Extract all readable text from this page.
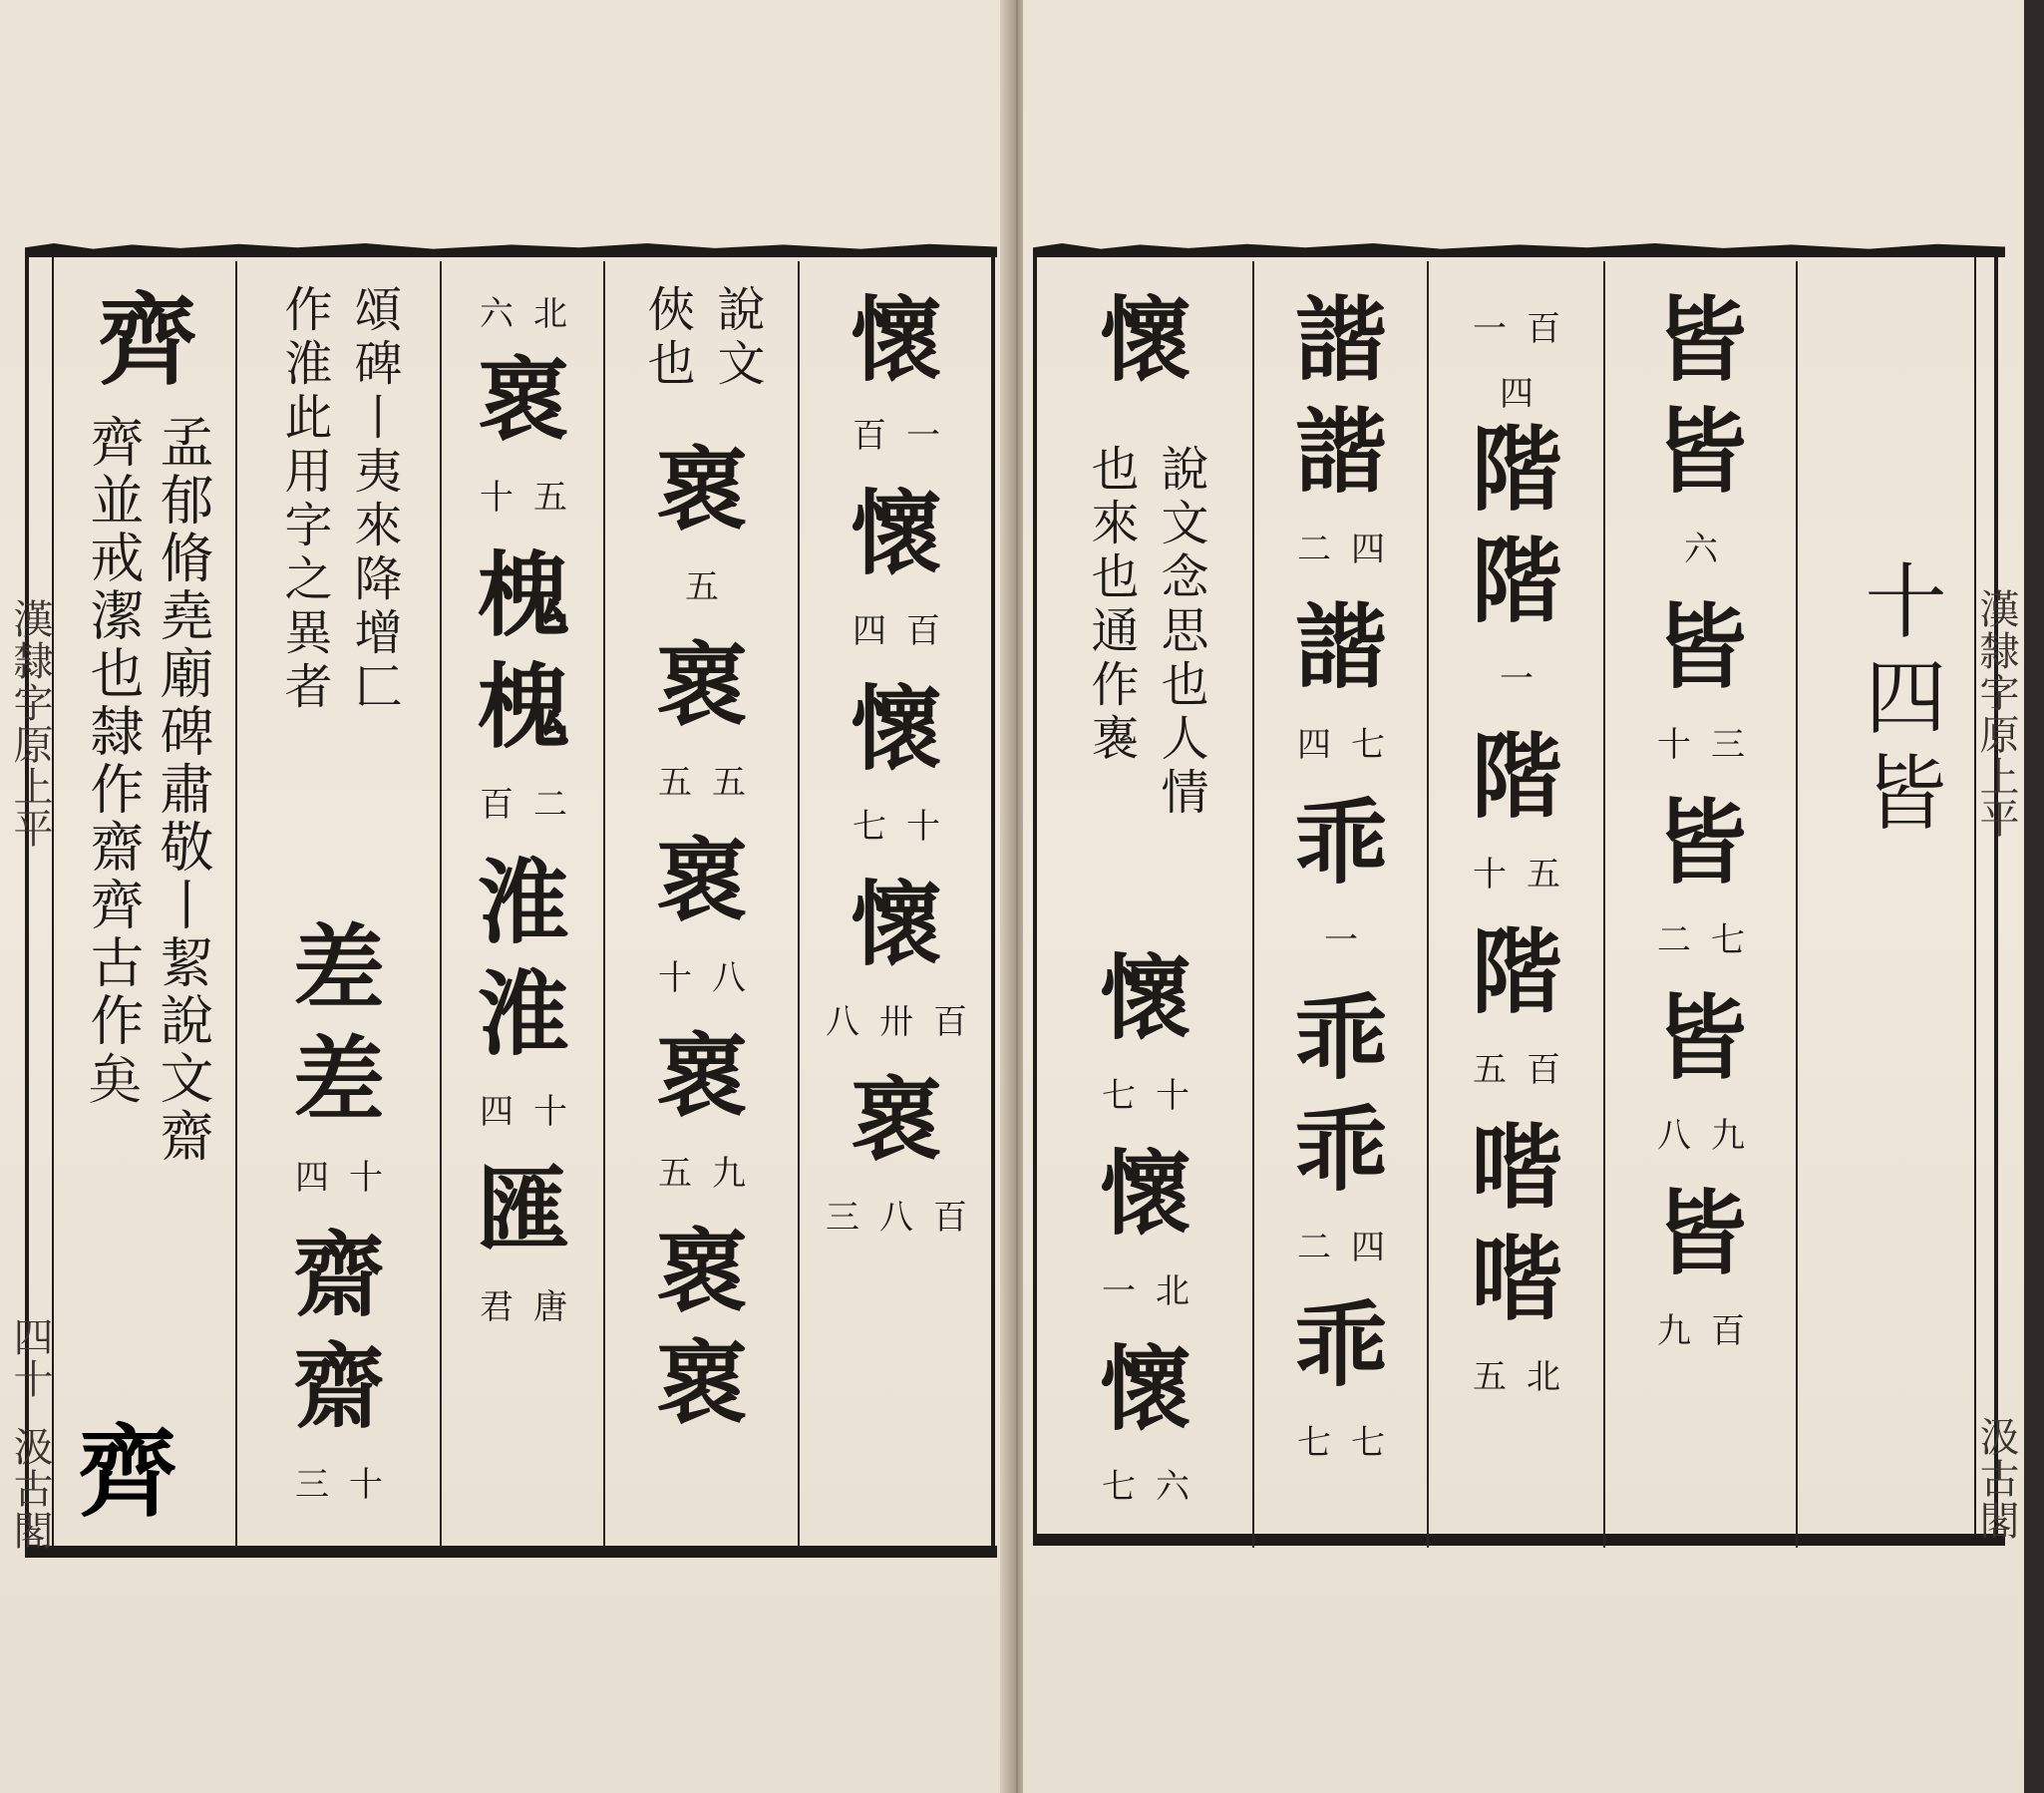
漢隸字原上平
四十
汲古閣
齊
孟郁脩堯廟碑肅敬丨絜說文齋
齊並戒潔也隸作齋齊古作𠫪
齊
頌碑丨夷來降增匚
作淮此用字之異者
差
差
十
四
齋
齋
十
三
北
六
褱
五
十
槐
槐
二
百
淮
淮
十
四
匯
唐
君
說文
俠也
褱
五
褱
五
五
褱
八
十
褱
九
五
褱
褱
懷
一
百
懷
百
四
懷
十
七
懷
百
卅
八
褱
百
八
三
十四皆 漢隸字原上平
汲古閣
懷
說文念思也人情
也來也通作褢
懷
十
七
懷
北
一
懷
六
七
諧
諧
四
二
諧
七
四
乖
一
乖
乖
四
二
乖
七
七
百
一
四
階
階
一
階
五
十
階
百
五
喈
喈
北
五
皆
皆
六
皆
三
十
皆
七
二
皆
九
八
皆
百
九
